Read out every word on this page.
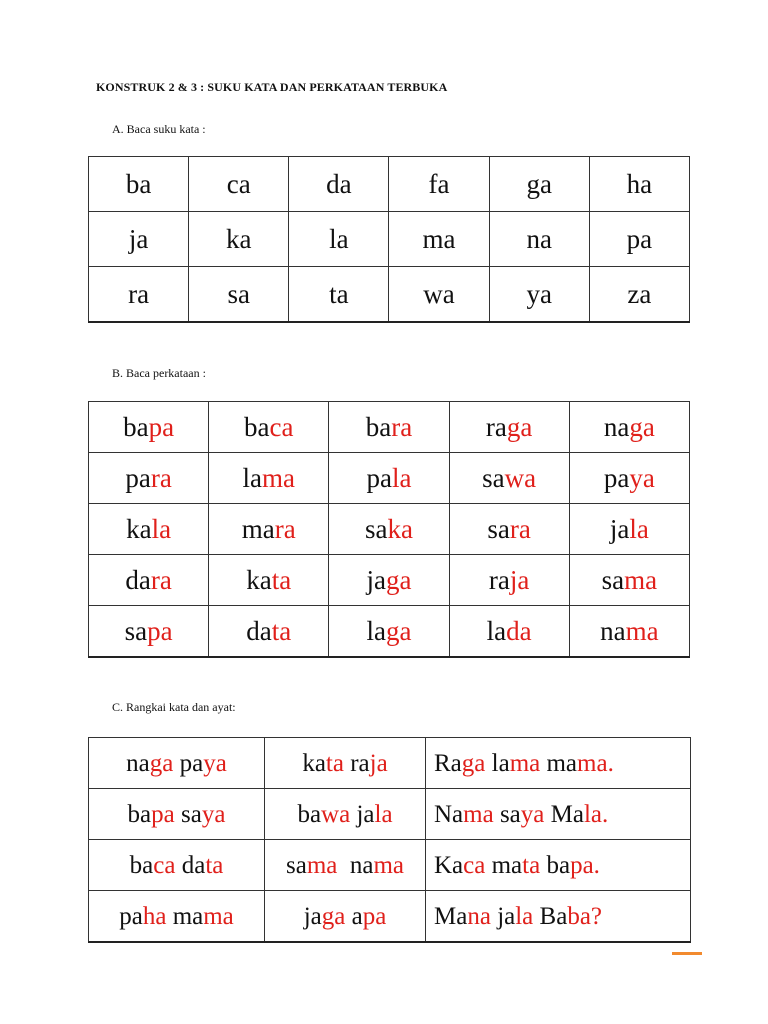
KONSTRUK 2 & 3 : SUKU KATA DAN PERKATAAN TERBUKA
A. Baca suku kata :
ba	ca	da	fa	ga	ha
ja	ka	la	ma	na	pa
ra	sa	ta	wa	ya	za
B. Baca perkataan :
bapa	baca	bara	raga	naga
para	lama	pala	sawa	paya
kala	mara	saka	sara	jala
dara	kata	jaga	raja	sama
sapa	data	laga	lada	nama
C. Rangkai kata dan ayat:
naga paya	kata raja	Raga lama mama.
bapa saya	bawa jala	Nama saya Mala.
baca data	sama nama	Kaca mata bapa.
paha mama	jaga apa	Mana jala Baba?
